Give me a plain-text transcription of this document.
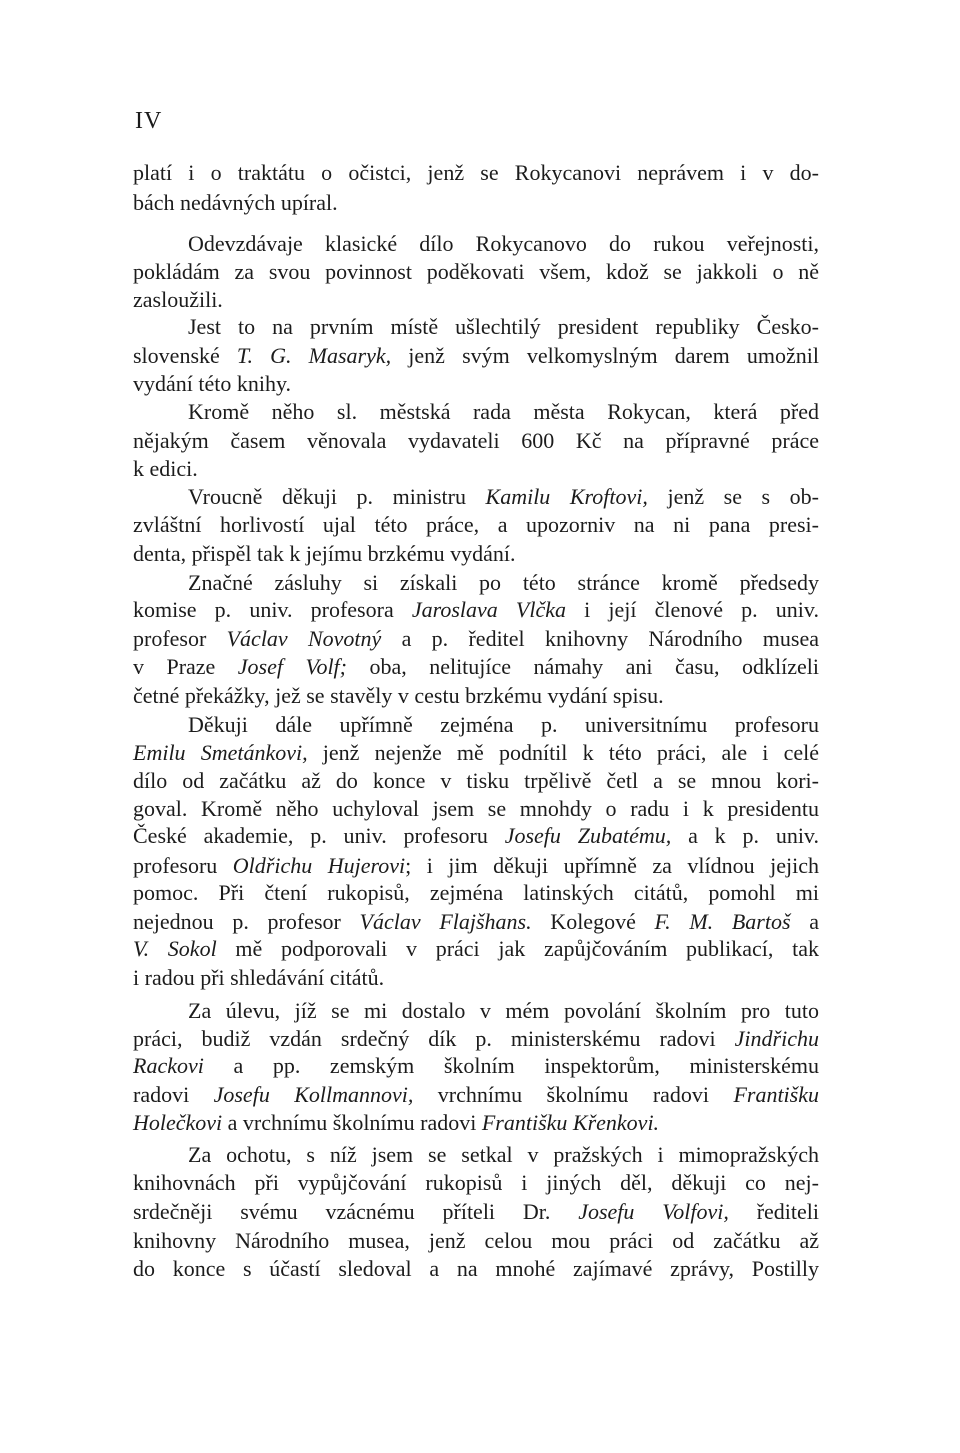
IV
platí i o traktátu o očistci, jenž se Rokycanovi neprávem i v do-
bách nedávných upíral.
Odevzdávaje klasické dílo Rokycanovo do rukou veřejnosti,
pokládám za svou povinnost poděkovati všem, kdož se jakkoli o ně
zasloužili.
Jest to na prvním místě ušlechtilý president republiky Česko-
slovenské T. G. Masaryk, jenž svým velkomyslným darem umožnil
vydání této knihy.
Kromě něho sl. městská rada města Rokycan, která před
nějakým časem věnovala vydavateli 600 Kč na přípravné práce
k edici.
Vroucně děkuji p. ministru Kamilu Kroftovi, jenž se s ob-
zvláštní horlivostí ujal této práce, a upozorniv na ni pana presi-
denta, přispěl tak k jejímu brzkému vydání.
Značné zásluhy si získali po této stránce kromě předsedy
komise p. univ. profesora Jaroslava Vlčka i její členové p. univ.
profesor Václav Novotný a p. ředitel knihovny Národního musea
v Praze Josef Volf; oba, nelitujíce námahy ani času, odklízeli
četné překážky, jež se stavěly v cestu brzkému vydání spisu.
Děkuji dále upřímně zejména p. universitnímu profesoru
Emilu Smetánkovi, jenž nejenže mě podnítil k této práci, ale i celé
dílo od začátku až do konce v tisku trpělivě četl a se mnou kori-
goval. Kromě něho uchyloval jsem se mnohdy o radu i k presidentu
České akademie, p. univ. profesoru Josefu Zubatému, a k p. univ.
profesoru Oldřichu Hujerovi; i jim děkuji upřímně za vlídnou jejich
pomoc. Při čtení rukopisů, zejména latinských citátů, pomohl mi
nejednou p. profesor Václav Flajšhans. Kolegové F. M. Bartoš a
V. Sokol mě podporovali v práci jak zapůjčováním publikací, tak
i radou při shledávání citátů.
Za úlevu, jíž se mi dostalo v mém povolání školním pro tuto
práci, budiž vzdán srdečný dík p. ministerskému radovi Jindřichu
Rackovi a pp. zemským školním inspektorům, ministerskému
radovi Josefu Kollmannovi, vrchnímu školnímu radovi Františku
Holečkovi a vrchnímu školnímu radovi Františku Křenkovi.
Za ochotu, s níž jsem se setkal v pražských i mimopražských
knihovnách při vypůjčování rukopisů i jiných děl, děkuji co nej-
srdečněji svému vzácnému příteli Dr. Josefu Volfovi, řediteli
knihovny Národního musea, jenž celou mou práci od začátku až
do konce s účastí sledoval a na mnohé zajímavé zprávy, Postilly
